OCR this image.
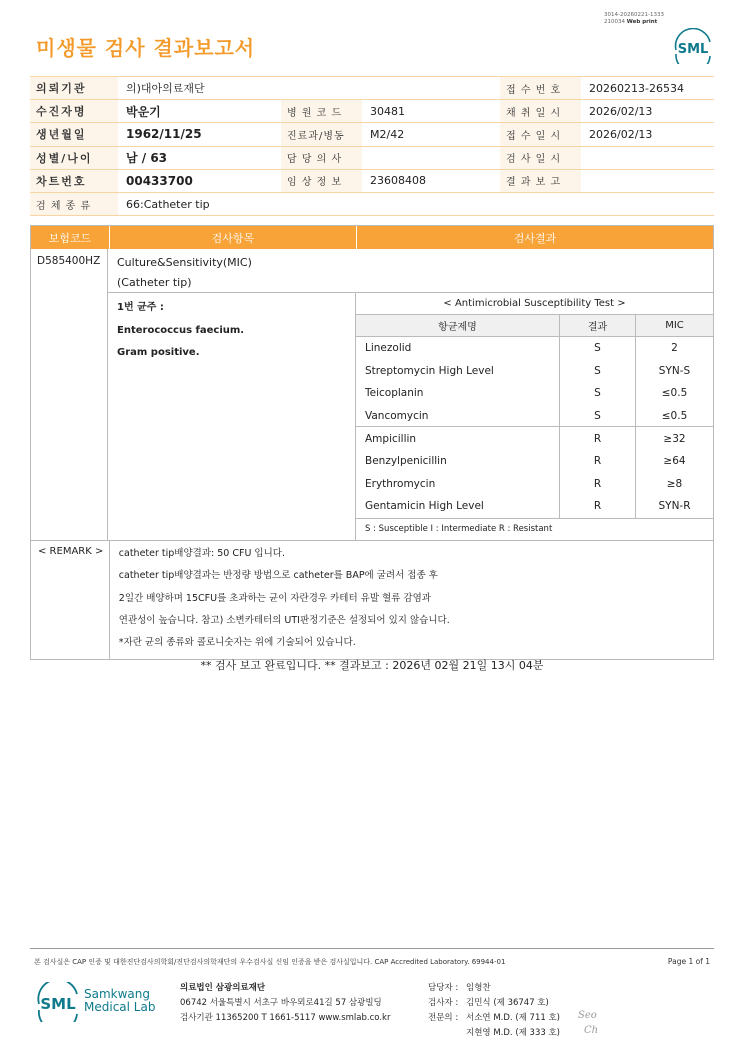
미생물 검사 결과보고서
3014-20260221-1333
210034 Web print
SML
의뢰기관	의)대아의료재단			접 수 번 호	20260213-26534
수진자명	박운기	병 원 코 드	30481	채 취 일 시	2026/02/13
생년월일	1962/11/25	진료과/병동	M2/42	접 수 일 시	2026/02/13
성별/나이	남 / 63	담 당 의 사		검 사 일 시	
차트번호	00433700	임 상 정 보	23608408	결 과 보 고	
검 체 종 류	66:Catheter tip				
보험코드	검사항목	검사결과
D585400HZ	Culture&Sensitivity(MIC)
(Catheter tip)
1번 균주 :
Enterococcus faecium.
Gram positive.
< Antimicrobial Susceptibility Test >
항균제명	결과	MIC
Linezolid	S	2
Streptomycin High Level	S	SYN-S
Teicoplanin	S	≤0.5
Vancomycin	S	≤0.5
Ampicillin	R	≥32
Benzylpenicillin	R	≥64
Erythromycin	R	≥8
Gentamicin High Level	R	SYN-R
S : Susceptible I : Intermediate R : Resistant
< REMARK >	catheter tip배양결과: 50 CFU 입니다.
catheter tip배양결과는 반정량 방법으로 catheter를 BAP에 굴려서 접종 후
2일간 배양하며 15CFU를 초과하는 균이 자란경우 카테터 유발 혈류 감염과
연관성이 높습니다. 참고) 소변카테터의 UTI판정기준은 설정되어 있지 않습니다.
*자란 균의 종류와 콜로니숫자는 위에 기술되어 있습니다.
** 검사 보고 완료입니다. ** 결과보고 : 2026년 02월 21일 13시 04분
본 검사실은 CAP 인증 및 대한진단검사의학회/진단검사의학재단의 우수검사실 신임 인증을 받은 검사실입니다. CAP Accredited Laboratory. 69944-01	Page 1 of 1
SML
Samkwang
Medical Lab
의료법인 삼광의료재단
06742 서울특별시 서초구 바우뫼로41길 57 삼광빌딩
검사기관 11365200 T 1661-5117 www.smlab.co.kr
담당자 : 임형찬
검사자 : 김민식 (제 36747 호)
전문의 : 서소연 M.D. (제 711 호)
지현영 M.D. (제 333 호)
Seo
Ch
